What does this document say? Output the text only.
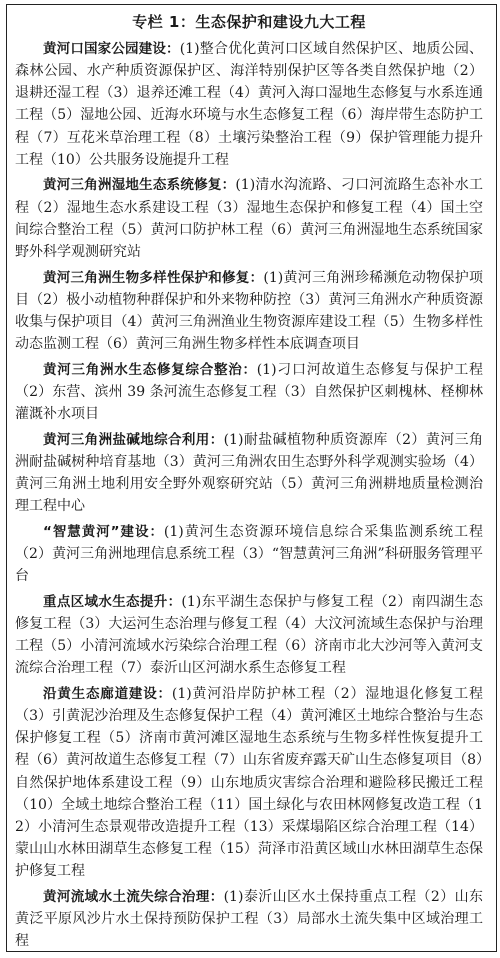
专栏 1：生态保护和建设九大工程

黄河口国家公园建设：(1)整合优化黄河口区域自然保护区、地质公园、森林公园、水产种质资源保护区、海洋特别保护区等各类自然保护地（2）退耕还湿工程（3）退养还滩工程（4）黄河入海口湿地生态修复与水系连通工程（5）湿地公园、近海水环境与水生态修复工程（6）海岸带生态防护工程（7）互花米草治理工程（8）土壤污染整治工程（9）保护管理能力提升工程（10）公共服务设施提升工程

黄河三角洲湿地生态系统修复：(1)清水沟流路、刁口河流路生态补水工程（2）湿地生态水系建设工程（3）湿地生态保护和修复工程（4）国土空间综合整治工程（5）黄河口防护林工程（6）黄河三角洲湿地生态系统国家野外科学观测研究站

黄河三角洲生物多样性保护和修复：(1)黄河三角洲珍稀濒危动物保护项目（2）极小动植物种群保护和外来物种防控（3）黄河三角洲水产种质资源收集与保护项目（4）黄河三角洲渔业生物资源库建设工程（5）生物多样性动态监测工程（6）黄河三角洲生物多样性本底调查项目

黄河三角洲水生态修复综合整治：(1)刁口河故道生态修复与保护工程（2）东营、滨州 39 条河流生态修复工程（3）自然保护区刺槐林、柽柳林灌溉补水项目

黄河三角洲盐碱地综合利用：(1)耐盐碱植物种质资源库（2）黄河三角洲耐盐碱树种培育基地（3）黄河三角洲农田生态野外科学观测实验场（4）黄河三角洲土地利用安全野外观察研究站（5）黄河三角洲耕地质量检测治理工程中心

“智慧黄河”建设：(1)黄河生态资源环境信息综合采集监测系统工程（2）黄河三角洲地理信息系统工程（3）“智慧黄河三角洲”科研服务管理平台

重点区域水生态提升：(1)东平湖生态保护与修复工程（2）南四湖生态修复工程（3）大运河生态治理与修复工程（4）大汶河流域生态保护与治理工程（5）小清河流域水污染综合治理工程（6）济南市北大沙河等入黄河支流综合治理工程（7）泰沂山区河湖水系生态修复工程

沿黄生态廊道建设：(1)黄河沿岸防护林工程（2）湿地退化修复工程（3）引黄泥沙治理及生态修复保护工程（4）黄河滩区土地综合整治与生态保护修复工程（5）济南市黄河滩区湿地生态系统与生物多样性恢复提升工程（6）黄河故道生态修复工程（7）山东省废弃露天矿山生态修复项目（8）自然保护地体系建设工程（9）山东地质灾害综合治理和避险移民搬迁工程（10）全域土地综合整治工程（11）国土绿化与农田林网修复改造工程（12）小清河生态景观带改造提升工程（13）采煤塌陷区综合治理工程（14）蒙山山水林田湖草生态修复工程（15）菏泽市沿黄区域山水林田湖草生态保护修复工程

黄河流域水土流失综合治理：(1)泰沂山区水土保持重点工程（2）山东黄泛平原风沙片水土保持预防保护工程（3）局部水土流失集中区域治理工程
